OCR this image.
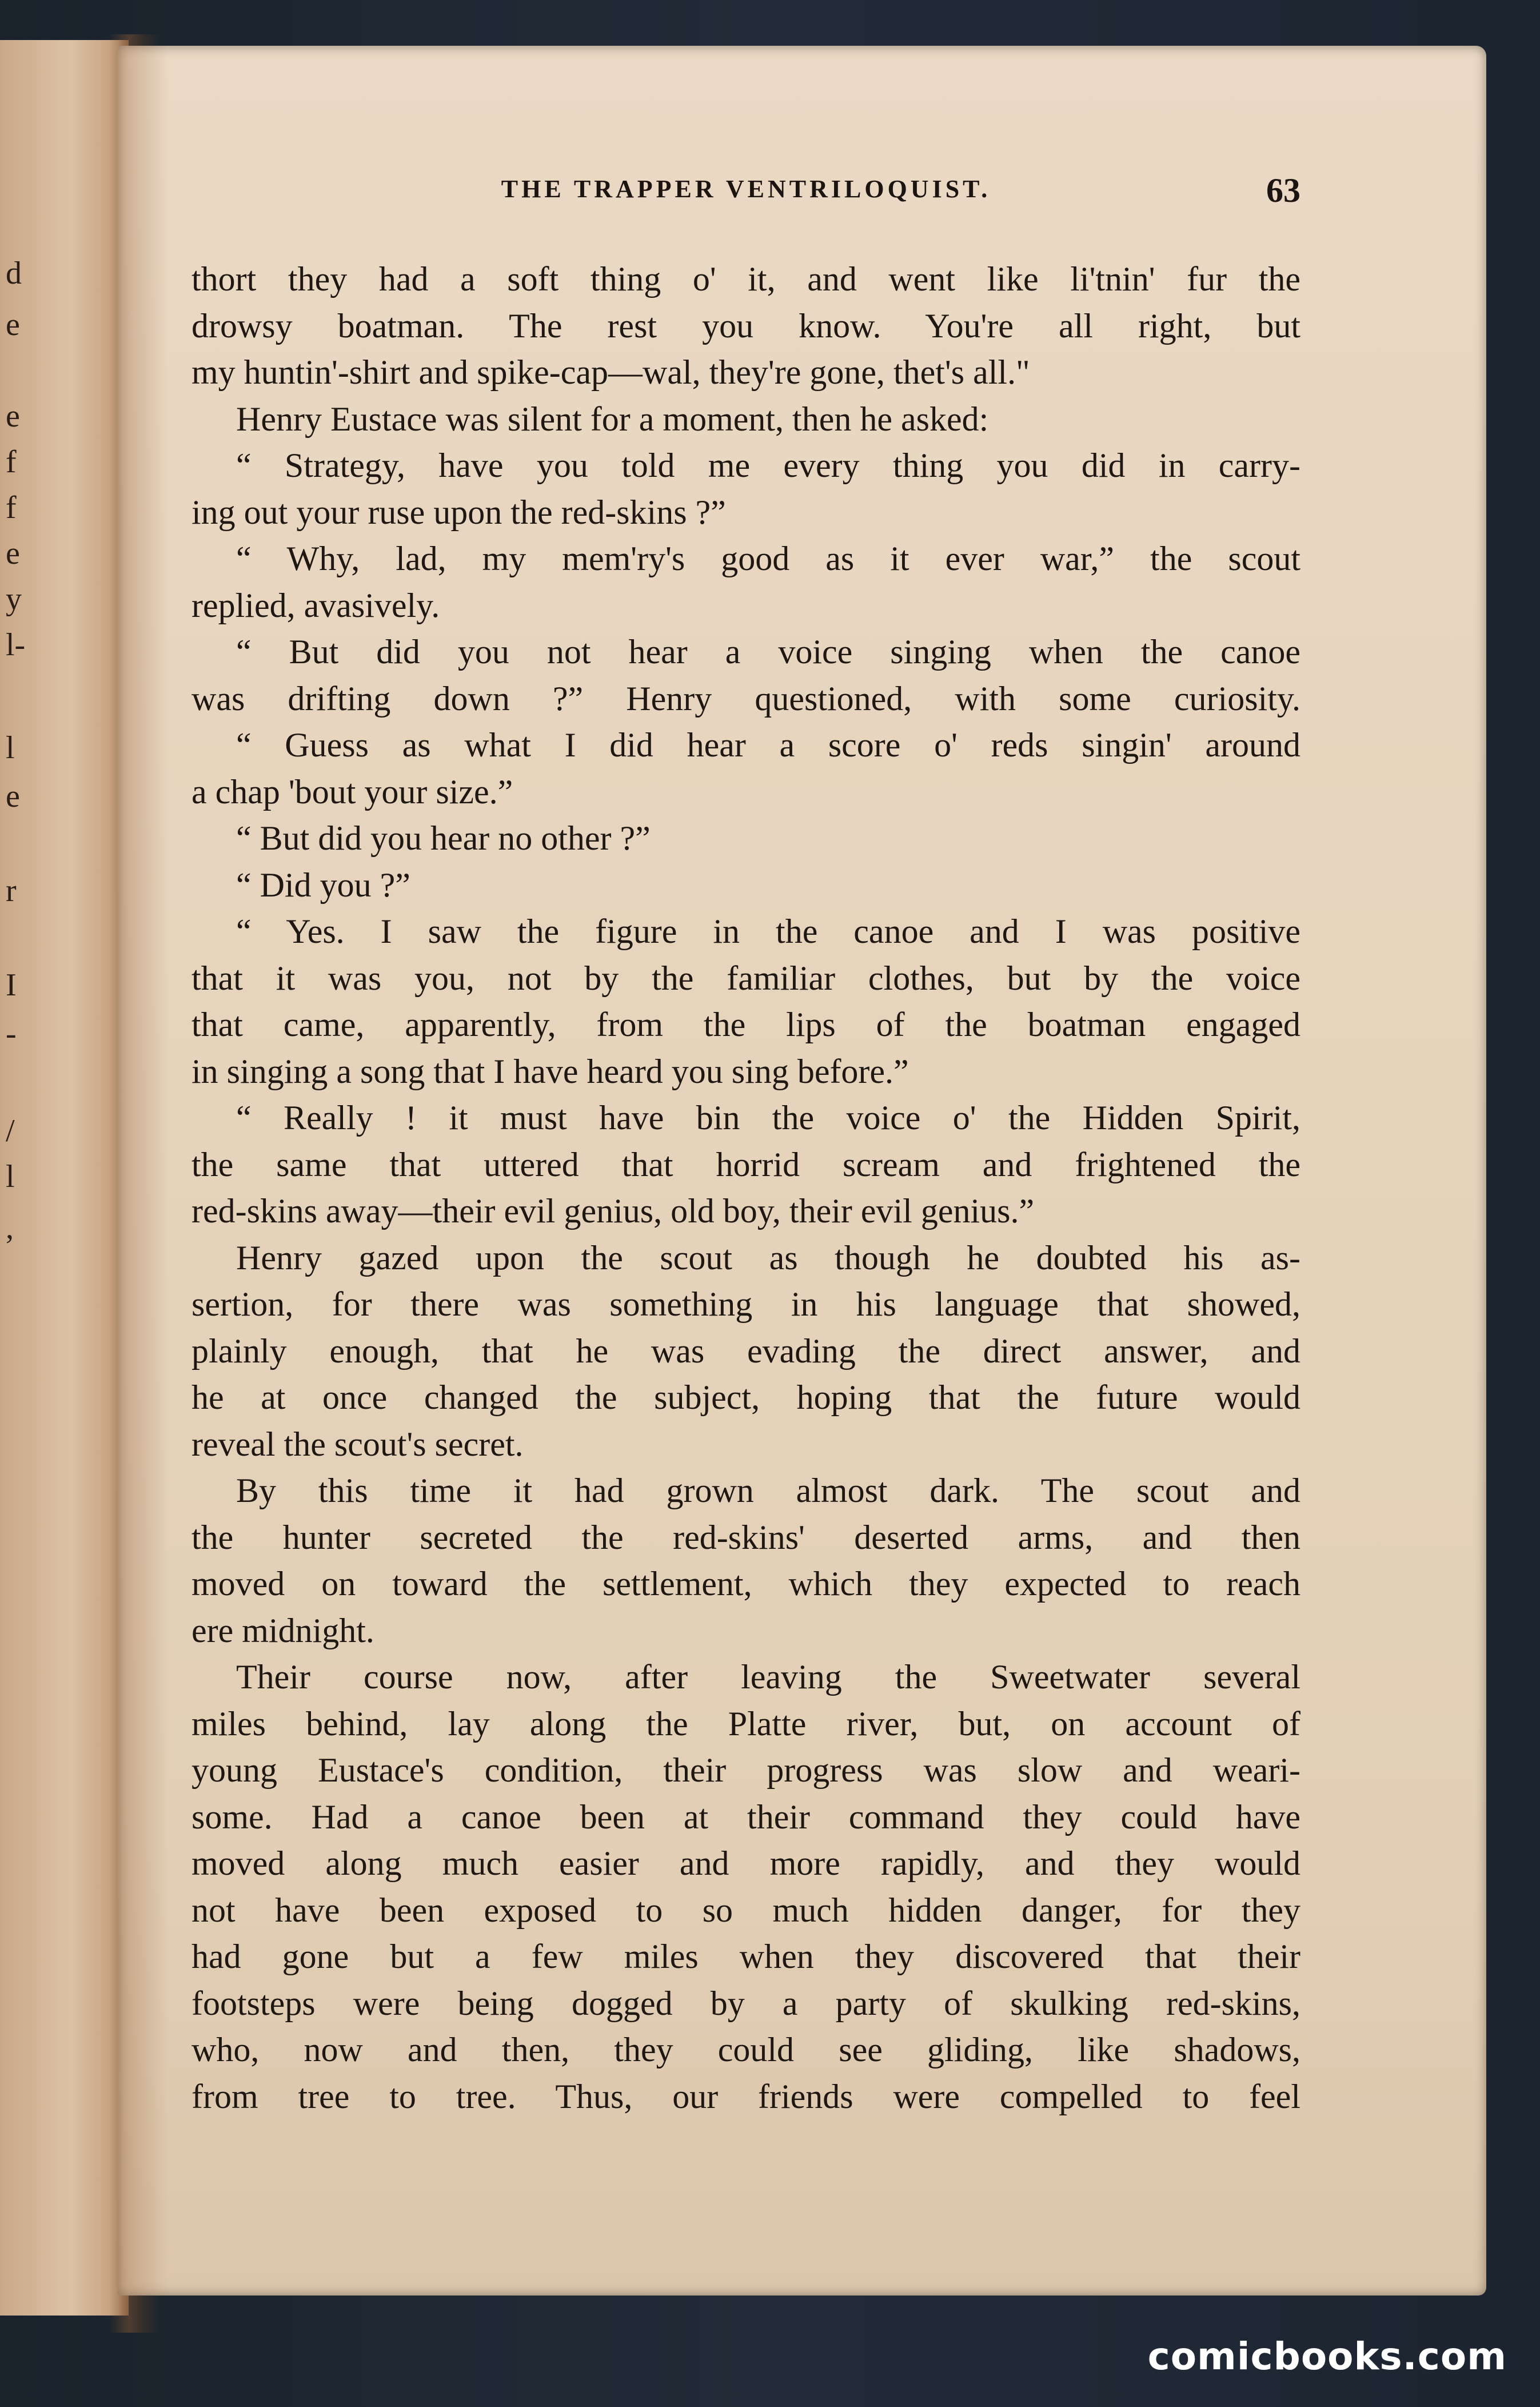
d
e
e
f
f
e
y
l-
l
e
r
I
-
/
l
,
THE TRAPPER VENTRILOQUIST.	63
thort they had a soft thing o' it, and went like li'tnin' fur the
drowsy boatman. The rest you know. You're all right, but
my huntin'-shirt and spike-cap—wal, they're gone, thet's all."
Henry Eustace was silent for a moment, then he asked:
“ Strategy, have you told me every thing you did in carry-
ing out your ruse upon the red-skins ?”
“ Why, lad, my mem'ry's good as it ever war,” the scout
replied, avasively.
“ But did you not hear a voice singing when the canoe
was drifting down ?” Henry questioned, with some curiosity.
“ Guess as what I did hear a score o' reds singin' around
a chap 'bout your size.”
“ But did you hear no other ?”
“ Did you ?”
“ Yes. I saw the figure in the canoe and I was positive
that it was you, not by the familiar clothes, but by the voice
that came, apparently, from the lips of the boatman engaged
in singing a song that I have heard you sing before.”
“ Really ! it must have bin the voice o' the Hidden Spirit,
the same that uttered that horrid scream and frightened the
red-skins away—their evil genius, old boy, their evil genius.”
Henry gazed upon the scout as though he doubted his as-
sertion, for there was something in his language that showed,
plainly enough, that he was evading the direct answer, and
he at once changed the subject, hoping that the future would
reveal the scout's secret.
By this time it had grown almost dark. The scout and
the hunter secreted the red-skins' deserted arms, and then
moved on toward the settlement, which they expected to reach
ere midnight.
Their course now, after leaving the Sweetwater several
miles behind, lay along the Platte river, but, on account of
young Eustace's condition, their progress was slow and weari-
some. Had a canoe been at their command they could have
moved along much easier and more rapidly, and they would
not have been exposed to so much hidden danger, for they
had gone but a few miles when they discovered that their
footsteps were being dogged by a party of skulking red-skins,
who, now and then, they could see gliding, like shadows,
from tree to tree. Thus, our friends were compelled to feel
comicbooks.com
